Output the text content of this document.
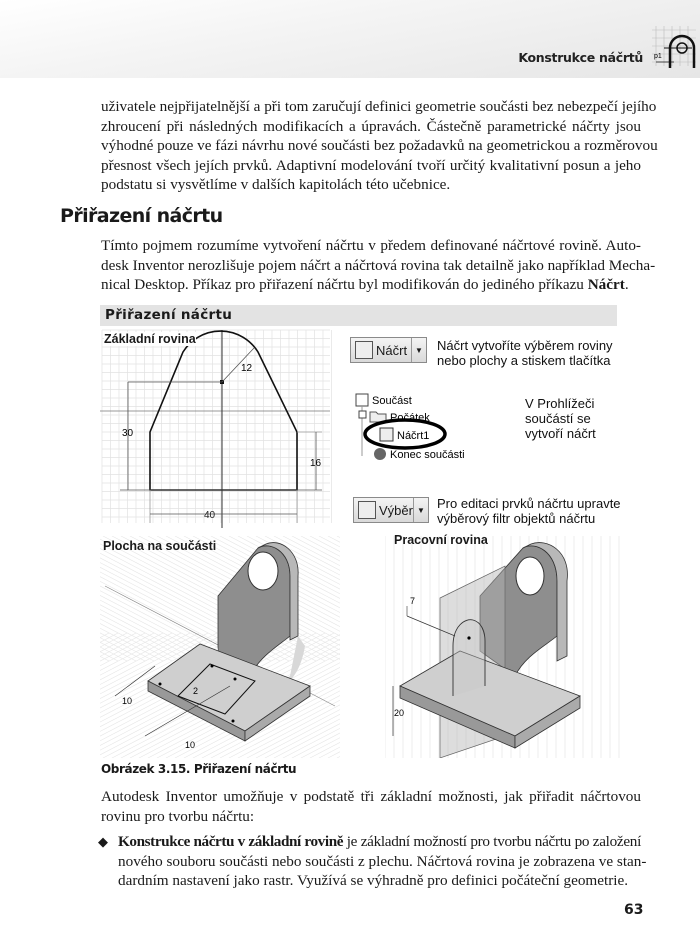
Konstrukce náčrtů p1
uživatele nejpřijatelnější a při tom zaručují definici geometrie součásti bez nebezpečí jejího
zhroucení při následných modifikacích a úpravách. Částečně parametrické náčrty jsou
výhodné pouze ve fázi návrhu nové součásti bez požadavků na geometrickou a rozměrovou
přesnost všech jejích prvků. Adaptivní modelování tvoří určitý kvalitativní posun a jeho
podstatu si vysvětlíme v dalších kapitolách této učebnice.
Přiřazení náčrtu
Tímto pojmem rozumíme vytvoření náčrtu v předem definované náčrtové rovině. Auto-
desk Inventor nerozlišuje pojem náčrt a náčrtová rovina tak detailně jako například Mecha-
nical Desktop. Příkaz pro přiřazení náčrtu byl modifikován do jediného příkazu Náčrt.
Přiřazení náčrtu
12
30
16
40
Základní rovina
Náčrt ▼ Náčrt vytvoříte výběrem roviny
nebo plochy a stiskem tlačítka
Součást
Počátek
Náčrt1
Konec součásti
V Prohlížeči
součástí se
vytvoří náčrt
Výběr ▼ Pro editaci prvků náčrtu upravte
výběrový filtr objektů náčrtu
10
2
10
Plocha na součásti
7
20
Pracovní rovina
Obrázek 3.15. Přiřazení náčrtu
Autodesk Inventor umožňuje v podstatě tři základní možnosti, jak přiřadit náčrtovou
rovinu pro tvorbu náčrtu:
◆ Konstrukce náčrtu v základní rovině je základní možností pro tvorbu náčrtu po založení
nového souboru součásti nebo součásti z plechu. Náčrtová rovina je zobrazena ve stan-
dardním nastavení jako rastr. Využívá se výhradně pro definici počáteční geometrie.
63
